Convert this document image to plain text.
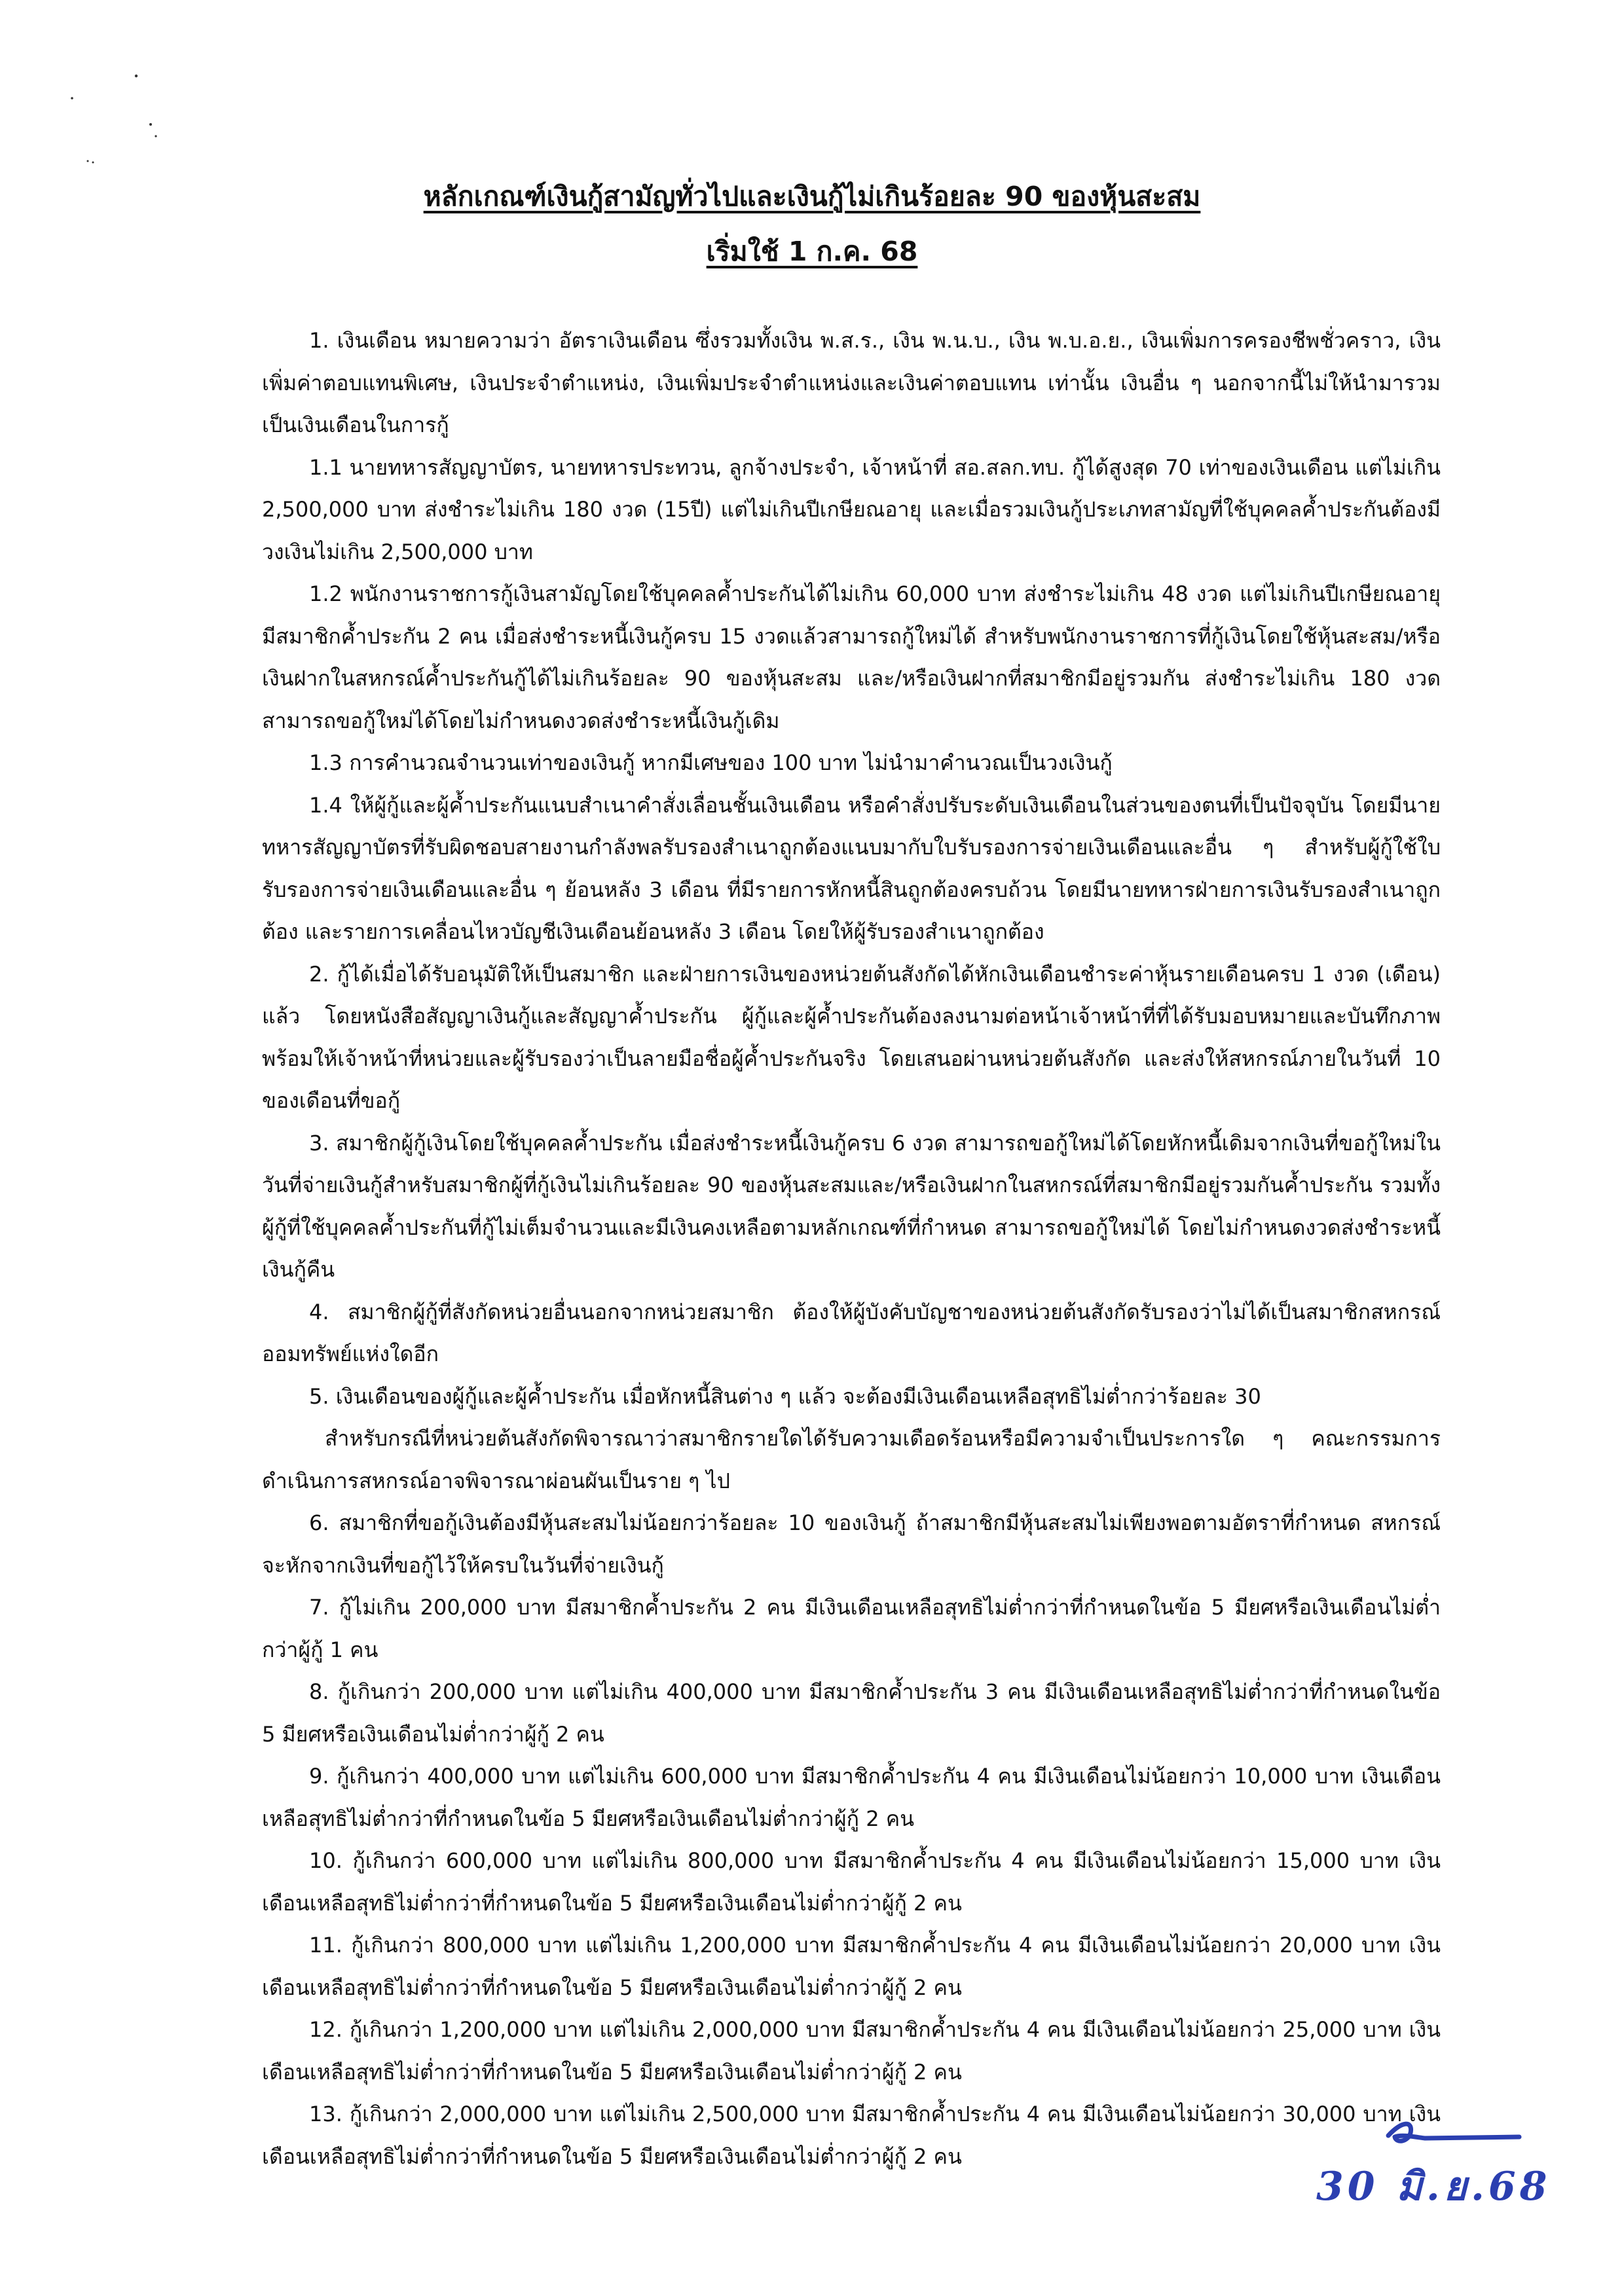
หลักเกณฑ์เงินกู้สามัญทั่วไปและเงินกู้ไม่เกินร้อยละ 90 ของหุ้นสะสม
เริ่มใช้ 1 ก.ค. 68

1. เงินเดือน หมายความว่า อัตราเงินเดือน ซึ่งรวมทั้งเงิน พ.ส.ร., เงิน พ.น.บ., เงิน พ.บ.อ.ย., เงินเพิ่มการครองชีพชั่วคราว, เงินเพิ่มค่าตอบแทนพิเศษ, เงินประจำตำแหน่ง, เงินเพิ่มประจำตำแหน่งและเงินค่าตอบแทน เท่านั้น เงินอื่น ๆ นอกจากนี้ไม่ให้นำมารวมเป็นเงินเดือนในการกู้

1.1 นายทหารสัญญาบัตร, นายทหารประทวน, ลูกจ้างประจำ, เจ้าหน้าที่ สอ.สลก.ทบ. กู้ได้สูงสุด 70 เท่าของเงินเดือน แต่ไม่เกิน 2,500,000 บาท ส่งชำระไม่เกิน 180 งวด (15ปี) แต่ไม่เกินปีเกษียณอายุ และเมื่อรวมเงินกู้ประเภทสามัญที่ใช้บุคคลค้ำประกันต้องมีวงเงินไม่เกิน 2,500,000 บาท

1.2 พนักงานราชการกู้เงินสามัญโดยใช้บุคคลค้ำประกันได้ไม่เกิน 60,000 บาท ส่งชำระไม่เกิน 48 งวด แต่ไม่เกินปีเกษียณอายุ มีสมาชิกค้ำประกัน 2 คน เมื่อส่งชำระหนี้เงินกู้ครบ 15 งวดแล้วสามารถกู้ใหม่ได้ สำหรับพนักงานราชการที่กู้เงินโดยใช้หุ้นสะสม/หรือเงินฝากในสหกรณ์ค้ำประกันกู้ได้ไม่เกินร้อยละ 90 ของหุ้นสะสม และ/หรือเงินฝากที่สมาชิกมีอยู่รวมกัน ส่งชำระไม่เกิน 180 งวด สามารถขอกู้ใหม่ได้โดยไม่กำหนดงวดส่งชำระหนี้เงินกู้เดิม

1.3 การคำนวณจำนวนเท่าของเงินกู้ หากมีเศษของ 100 บาท ไม่นำมาคำนวณเป็นวงเงินกู้

1.4 ให้ผู้กู้และผู้ค้ำประกันแนบสำเนาคำสั่งเลื่อนชั้นเงินเดือน หรือคำสั่งปรับระดับเงินเดือนในส่วนของตนที่เป็นปัจจุบัน โดยมีนายทหารสัญญาบัตรที่รับผิดชอบสายงานกำลังพลรับรองสำเนาถูกต้องแนบมากับใบรับรองการจ่ายเงินเดือนและอื่น ๆ สำหรับผู้กู้ใช้ใบรับรองการจ่ายเงินเดือนและอื่น ๆ ย้อนหลัง 3 เดือน ที่มีรายการหักหนี้สินถูกต้องครบถ้วน โดยมีนายทหารฝ่ายการเงินรับรองสำเนาถูกต้อง และรายการเคลื่อนไหวบัญชีเงินเดือนย้อนหลัง 3 เดือน โดยให้ผู้รับรองสำเนาถูกต้อง

2. กู้ได้เมื่อได้รับอนุมัติให้เป็นสมาชิก และฝ่ายการเงินของหน่วยต้นสังกัดได้หักเงินเดือนชำระค่าหุ้นรายเดือนครบ 1 งวด (เดือน) แล้ว โดยหนังสือสัญญาเงินกู้และสัญญาค้ำประกัน ผู้กู้และผู้ค้ำประกันต้องลงนามต่อหน้าเจ้าหน้าที่ที่ได้รับมอบหมายและบันทึกภาพพร้อมให้เจ้าหน้าที่หน่วยและผู้รับรองว่าเป็นลายมือชื่อผู้ค้ำประกันจริง โดยเสนอผ่านหน่วยต้นสังกัด และส่งให้สหกรณ์ภายในวันที่ 10 ของเดือนที่ขอกู้

3. สมาชิกผู้กู้เงินโดยใช้บุคคลค้ำประกัน เมื่อส่งชำระหนี้เงินกู้ครบ 6 งวด สามารถขอกู้ใหม่ได้โดยหักหนี้เดิมจากเงินที่ขอกู้ใหม่ในวันที่จ่ายเงินกู้สำหรับสมาชิกผู้ที่กู้เงินไม่เกินร้อยละ 90 ของหุ้นสะสมและ/หรือเงินฝากในสหกรณ์ที่สมาชิกมีอยู่รวมกันค้ำประกัน รวมทั้งผู้กู้ที่ใช้บุคคลค้ำประกันที่กู้ไม่เต็มจำนวนและมีเงินคงเหลือตามหลักเกณฑ์ที่กำหนด สามารถขอกู้ใหม่ได้ โดยไม่กำหนดงวดส่งชำระหนี้เงินกู้คืน

4. สมาชิกผู้กู้ที่สังกัดหน่วยอื่นนอกจากหน่วยสมาชิก ต้องให้ผู้บังคับบัญชาของหน่วยต้นสังกัดรับรองว่าไม่ได้เป็นสมาชิกสหกรณ์ออมทรัพย์แห่งใดอีก

5. เงินเดือนของผู้กู้และผู้ค้ำประกัน เมื่อหักหนี้สินต่าง ๆ แล้ว จะต้องมีเงินเดือนเหลือสุทธิไม่ต่ำกว่าร้อยละ 30

สำหรับกรณีที่หน่วยต้นสังกัดพิจารณาว่าสมาชิกรายใดได้รับความเดือดร้อนหรือมีความจำเป็นประการใด ๆ คณะกรรมการดำเนินการสหกรณ์อาจพิจารณาผ่อนผันเป็นราย ๆ ไป

6. สมาชิกที่ขอกู้เงินต้องมีหุ้นสะสมไม่น้อยกว่าร้อยละ 10 ของเงินกู้ ถ้าสมาชิกมีหุ้นสะสมไม่เพียงพอตามอัตราที่กำหนด สหกรณ์จะหักจากเงินที่ขอกู้ไว้ให้ครบในวันที่จ่ายเงินกู้

7. กู้ไม่เกิน 200,000 บาท มีสมาชิกค้ำประกัน 2 คน มีเงินเดือนเหลือสุทธิไม่ต่ำกว่าที่กำหนดในข้อ 5 มียศหรือเงินเดือนไม่ต่ำกว่าผู้กู้ 1 คน

8. กู้เกินกว่า 200,000 บาท แต่ไม่เกิน 400,000 บาท มีสมาชิกค้ำประกัน 3 คน มีเงินเดือนเหลือสุทธิไม่ต่ำกว่าที่กำหนดในข้อ 5 มียศหรือเงินเดือนไม่ต่ำกว่าผู้กู้ 2 คน

9. กู้เกินกว่า 400,000 บาท แต่ไม่เกิน 600,000 บาท มีสมาชิกค้ำประกัน 4 คน มีเงินเดือนไม่น้อยกว่า 10,000 บาท เงินเดือนเหลือสุทธิไม่ต่ำกว่าที่กำหนดในข้อ 5 มียศหรือเงินเดือนไม่ต่ำกว่าผู้กู้ 2 คน

10. กู้เกินกว่า 600,000 บาท แต่ไม่เกิน 800,000 บาท มีสมาชิกค้ำประกัน 4 คน มีเงินเดือนไม่น้อยกว่า 15,000 บาท เงินเดือนเหลือสุทธิไม่ต่ำกว่าที่กำหนดในข้อ 5 มียศหรือเงินเดือนไม่ต่ำกว่าผู้กู้ 2 คน

11. กู้เกินกว่า 800,000 บาท แต่ไม่เกิน 1,200,000 บาท มีสมาชิกค้ำประกัน 4 คน มีเงินเดือนไม่น้อยกว่า 20,000 บาท เงินเดือนเหลือสุทธิไม่ต่ำกว่าที่กำหนดในข้อ 5 มียศหรือเงินเดือนไม่ต่ำกว่าผู้กู้ 2 คน

12. กู้เกินกว่า 1,200,000 บาท แต่ไม่เกิน 2,000,000 บาท มีสมาชิกค้ำประกัน 4 คน มีเงินเดือนไม่น้อยกว่า 25,000 บาท เงินเดือนเหลือสุทธิไม่ต่ำกว่าที่กำหนดในข้อ 5 มียศหรือเงินเดือนไม่ต่ำกว่าผู้กู้ 2 คน

13. กู้เกินกว่า 2,000,000 บาท แต่ไม่เกิน 2,500,000 บาท มีสมาชิกค้ำประกัน 4 คน มีเงินเดือนไม่น้อยกว่า 30,000 บาท เงินเดือนเหลือสุทธิไม่ต่ำกว่าที่กำหนดในข้อ 5 มียศหรือเงินเดือนไม่ต่ำกว่าผู้กู้ 2 คน

30 มิ.ย.68
